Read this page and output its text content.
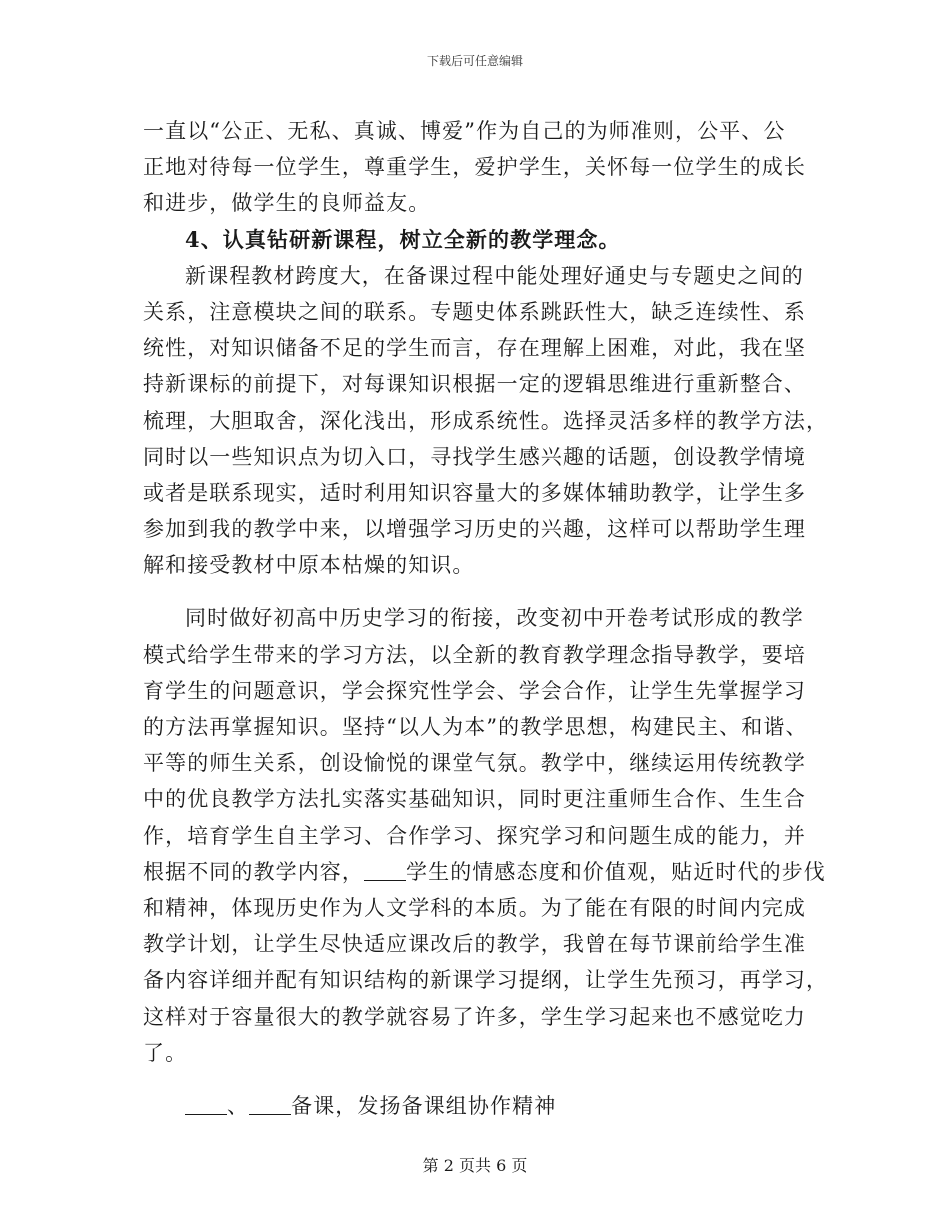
下载后可任意编辑
一直以“公正、无私、真诚、博爱”作为自己的为师准则，公平、公
正地对待每一位学生，尊重学生，爱护学生，关怀每一位学生的成长
和进步，做学生的良师益友。
4、认真钻研新课程，树立全新的教学理念。
新课程教材跨度大，在备课过程中能处理好通史与专题史之间的
关系，注意模块之间的联系。专题史体系跳跃性大，缺乏连续性、系
统性，对知识储备不足的学生而言，存在理解上困难，对此，我在坚
持新课标的前提下，对每课知识根据一定的逻辑思维进行重新整合、
梳理，大胆取舍，深化浅出，形成系统性。选择灵活多样的教学方法，
同时以一些知识点为切入口，寻找学生感兴趣的话题，创设教学情境
或者是联系现实，适时利用知识容量大的多媒体辅助教学，让学生多
参加到我的教学中来，以增强学习历史的兴趣，这样可以帮助学生理
解和接受教材中原本枯燥的知识。
同时做好初高中历史学习的衔接，改变初中开卷考试形成的教学
模式给学生带来的学习方法，以全新的教育教学理念指导教学，要培
育学生的问题意识，学会探究性学会、学会合作，让学生先掌握学习
的方法再掌握知识。坚持“以人为本”的教学思想，构建民主、和谐、
平等的师生关系，创设愉悦的课堂气氛。教学中，继续运用传统教学
中的优良教学方法扎实落实基础知识，同时更注重师生合作、生生合
作，培育学生自主学习、合作学习、探究学习和问题生成的能力，并
根据不同的教学内容， 学生的情感态度和价值观，贴近时代的步伐
和精神，体现历史作为人文学科的本质。为了能在有限的时间内完成
教学计划，让学生尽快适应课改后的教学，我曾在每节课前给学生准
备内容详细并配有知识结构的新课学习提纲，让学生先预习，再学习，
这样对于容量很大的教学就容易了许多，学生学习起来也不感觉吃力
了。
、 备课，发扬备课组协作精神
第 2 页共 6 页
